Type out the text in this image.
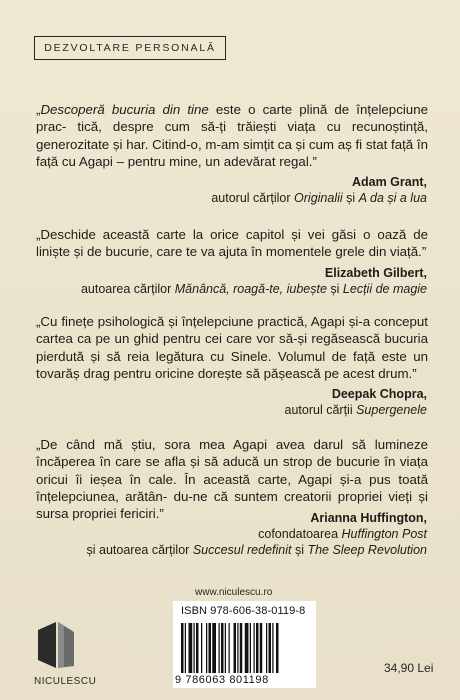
DEZVOLTARE PERSONALĂ

„Descoperă bucuria din tine este o carte plină de înțelepciune prac- tică, despre cum să-ți trăiești viața cu recunoștință, generozitate și har. Citind-o, m-am simțit ca și cum aș fi stat față în față cu Agapi – pentru mine, un adevărat regal.”

Adam Grant,
autorul cărților Originalii și A da și a lua

„Deschide această carte la orice capitol și vei găsi o oază de liniște și de bucurie, care te va ajuta în momentele grele din viață.”

Elizabeth Gilbert,
autoarea cărților Mănâncă, roagă-te, iubește și Lecții de magie

„Cu finețe psihologică și înțelepciune practică, Agapi și-a conceput cartea ca pe un ghid pentru cei care vor să-și regăsească bucuria pierdută și să reia legătura cu Sinele. Volumul de față este un tovarăș drag pentru oricine dorește să pășească pe acest drum.”

Deepak Chopra,
autorul cărții Supergenele

„De când mă știu, sora mea Agapi avea darul să lumineze încăperea în care se afla și să aducă un strop de bucurie în viața oricui îi ieșea în cale. În această carte, Agapi și-a pus toată înțelepciunea, arătân- du-ne că suntem creatorii propriei vieți și sursa propriei fericiri.”	Arianna Huffington,
cofondatoarea Huffington Post
și autoarea cărților Succesul redefinit și The Sleep Revolution
www.niculescu.ro
NICULESCU
ISBN 978-606-38-0119-8
9 786063 801198
34,90 Lei
